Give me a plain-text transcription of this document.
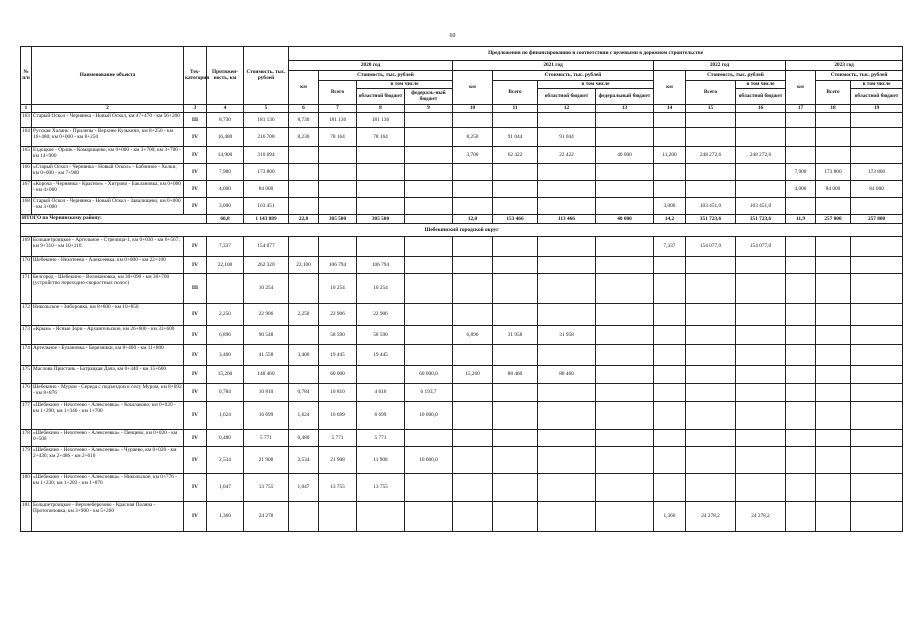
60
№ п/п	Наименование объекта	Тех-категория	Протяжен-ность, км	Стоимость, тыс. рублей	Предложения по финансированию в соответствии с целевыми в дорожном строительстве													
					2020 год				2021 год				2022 год			2023 год		
					км	Стоимость, тыс. рублей			км	Стоимость, тыс. рублей			км	Стоимость, тыс. рублей		км	Стоимость, тыс. рублей	
						Всего	в том числе			Всего	в том числе			Всего	в том числе		Всего	в том числе
							областной бюджет	федераль-ный бюджет			областной бюджет	федеральный бюджет			областной бюджет			областной бюджет
1	2	3	4	5	6	7	8	9	10	11	12	13	14	15	16	17	18	19
163	Старый Оскол - Чернянка - Новый Оскол, км 47+470 - км 56+200	III	8,730	181 136	8,730	181 136	181 136											
164	Русская Халань - Прилепы - Верхнее Кузькино, км 8+250 - км 16+480; км 0+000 - км 8+250	IV	16,480	216 708	8,230	78 164	78 164		8,250	91 044	91 044							
165	Ездоцкое - Орлик - Комарищево, км 0+000 - км 3+700; км 3+700 - км 14+900	IV	14,900	310 694					3,700	62 422	22 422	40 000	11,200	248 272,6	248 272,6			
166	«Старый Оскол - Чернянка - Новый Оскол» - Бабчиное - Холки, км 0+000 - км 7+900	IV	7,900	173 800												7,900	173 800	173 800
167	«Короча - Чернянка - Красное» - Хитрово - Баклановка, км 0+000 - км 4+000	IV	4,000	84 000												4,000	84 000	84 000
168	Старый Оскол - Чернянка - Новый Оскол - Завалищево, км 0+000 - км 3+000	IV	3,000	103 451									3,000	103 451,0	103 451,0			
ИТОГО по Чернянскому району:			60,8	1 143 889	22,8	305 500	305 500		12,0	153 466	113 466	40 000	14,2	351 723,6	351 723,6	11,9	257 800	257 800
Шебекинский городской округ																		
169	Большетроицкое - Артельное - Стрелица-1, км 0+030 - км 6+567; км 9+310 - км 10+110	IV	7,337	154 077									7,337	154 077,0	154 077,0			
170	Шебекино - Нехотеево - Алексеевка, км 0+000 - км 22+100	IV	22,100	262 320	22,100	106 794	106 794											
171	Белгород - Шебекино - Волоконовка, км 30+090 - км 30+700 (устройство переходно-скоростных полос)	III		10 254		10 254	10 254											
172	Никольское - Зиборовка, км 8+600 - км 10+850	IV	2,250	22 906	2,250	22 906	22 906											
173	«Крым» - Ясные Зори - Архангельское, км 26+600 - км 33+600	IV	6,896	90 548		58 590	58 590		6,896	31 958	31 958							
174	Артельное - Булановка - Березники, км 8+400 - км 11+800	IV	3,400	41 558	3,400	19 445	19 445											
175	Маслова Пристань - Батрацкая Дача, км 0+340 - км 15+600	IV	15,260	148 460		60 000		60 000,0	15,260	88 460	88 460							
176	Шебекино - Муром - Середа с подъездом к селу Муром, км 8+092 - км 8+876	IV	0,784	10 810	0,784	10 810	4 616	6 193,7										
177	«Шебекино - Нехотеево - Алексеевка» - Кошлаково, км 0+020 - км 1+290; км 1+346 - км 1+700	IV	1,624	16 699	1,624	16 699	6 699	10 000,0										
178	«Шебекино - Нехотеево - Алексеевка» - Пенцево, км 0+020 - км 0+500	IV	0,480	5 771	0,480	5 771	5 771											
179	«Шебекино - Нехотеево - Алексеевка» - Чураево, км 0+020 - км 2+430; км 2+486 - км 2+610	IV	2,534	21 908	2,534	21 908	11 908	10 000,0										
180	«Шебекино - Нехотеево - Алексеевка» - Никольское, км 0+776 - км 1+230; км 1+283 - км 1+876	IV	1,047	13 755	1,047	13 755	13 755											
181	Большетроицкое - Верхнеберезово - Красная Поляна - Протопоповка, км 3+900 - км 5+260	IV	1,360	24 278									1,360	24 278,2	24 278,2			
